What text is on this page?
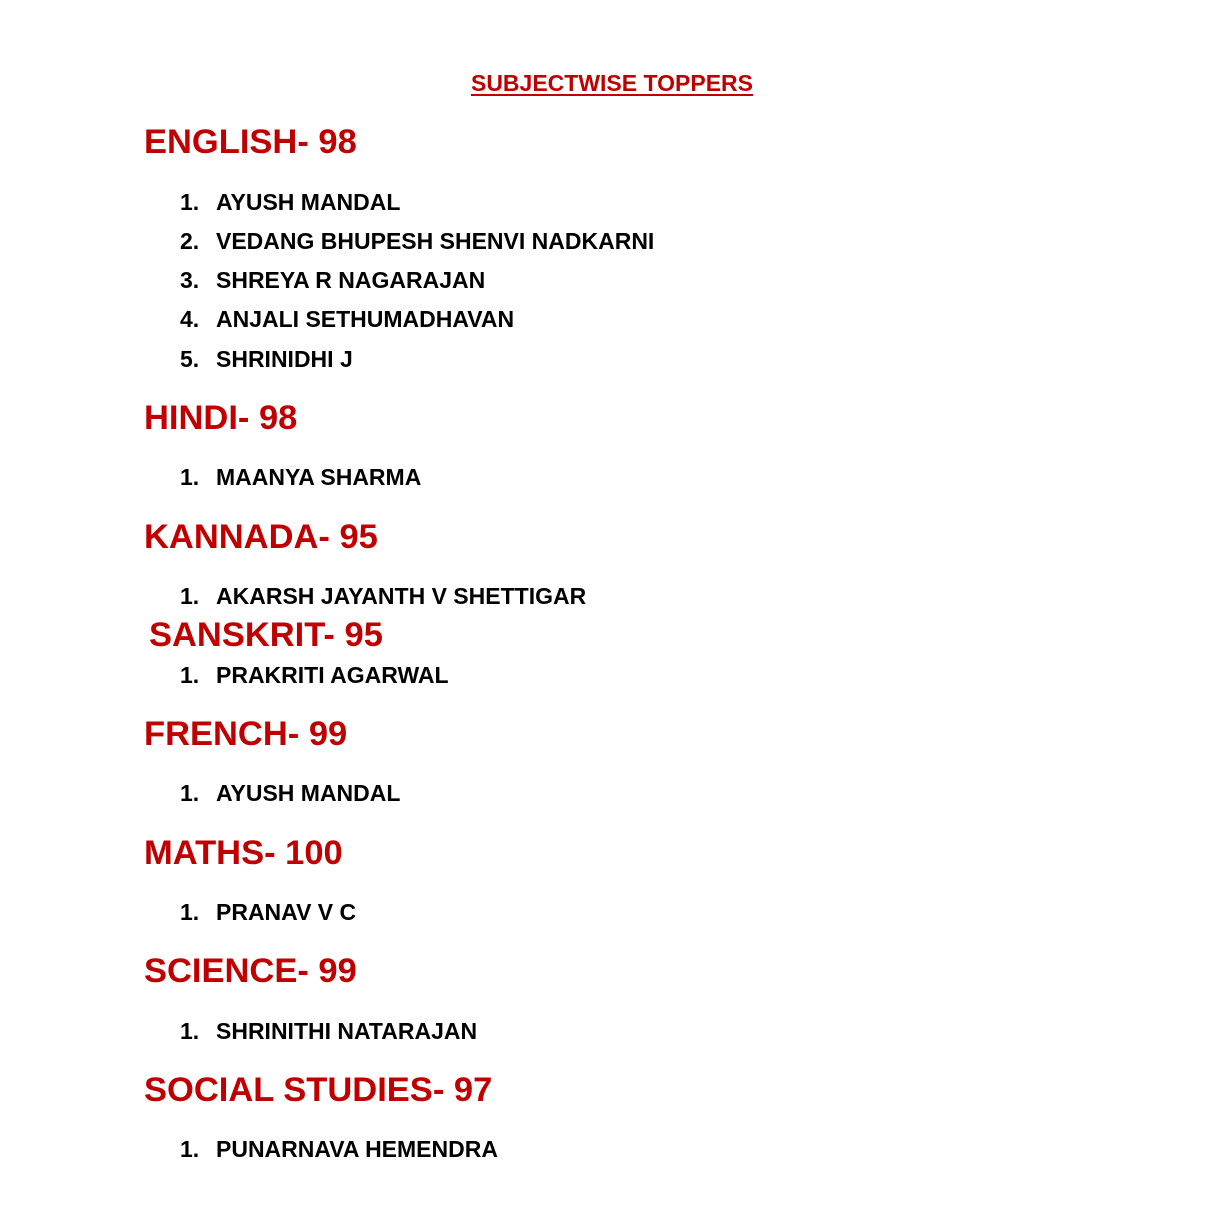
SUBJECTWISE TOPPERS
ENGLISH- 98
1. AYUSH MANDAL
2. VEDANG BHUPESH SHENVI NADKARNI
3. SHREYA R NAGARAJAN
4. ANJALI SETHUMADHAVAN
5. SHRINIDHI J
HINDI- 98
1. MAANYA SHARMA
KANNADA- 95
1. AKARSH JAYANTH V SHETTIGAR
SANSKRIT- 95
1. PRAKRITI AGARWAL
FRENCH- 99
1. AYUSH MANDAL
MATHS- 100
1. PRANAV V C
SCIENCE- 99
1. SHRINITHI NATARAJAN
SOCIAL STUDIES- 97
1. PUNARNAVA HEMENDRA
